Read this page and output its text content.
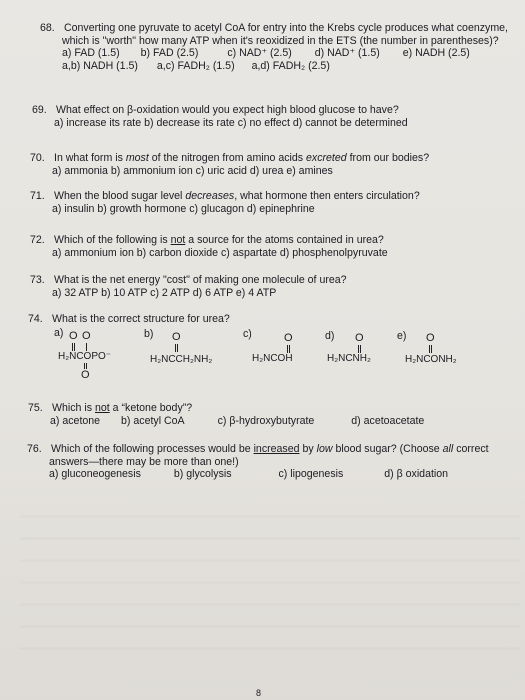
68. Converting one pyruvate to acetyl CoA for entry into the Krebs cycle produces what coenzyme,
which is "worth" how many ATP when it's reoxidized in the ETS (the number in parentheses)?
a) FAD (1.5) b) FAD (2.5)	c) NAD⁺ (2.5) d) NAD⁺ (1.5) e) NADH (2.5)
a,b) NADH (1.5) a,c) FADH₂ (1.5) a,d) FADH₂ (2.5)
69. What effect on β-oxidation would you expect high blood glucose to have?
a) increase its rate b) decrease its rate c) no effect d) cannot be determined
70. In what form is most of the nitrogen from amino acids excreted from our bodies?
a) ammonia b) ammonium ion c) uric acid d) urea e) amines
71. When the blood sugar level decreases, what hormone then enters circulation?
a) insulin b) growth hormone c) glucagon d) epinephrine
72. Which of the following is not a source for the atoms contained in urea?
a) ammonium ion b) carbon dioxide c) aspartate d) phosphenolpyruvate
73. What is the net energy "cost" of making one molecule of urea?
a) 32 ATP b) 10 ATP c) 2 ATP d) 6 ATP e) 4 ATP
74. What is the correct structure for urea?
a)	b)	c)	d)	e)
O O
H₂NCOPO⁻
O
O
H₂NCCH₂NH₂
O
H₂NCOH
O
H₂NCNH₂
O
H₂NCONH₂
75. Which is not a “ketone body”?
a) acetone b) acetyl CoA	c) β-hydroxybutyrate	d) acetoacetate
76. Which of the following processes would be increased by low blood sugar? (Choose all correct
answers—there may be more than one!)
a) gluconeogenesis	b) glycolysis	c) lipogenesis	d) β oxidation
8
